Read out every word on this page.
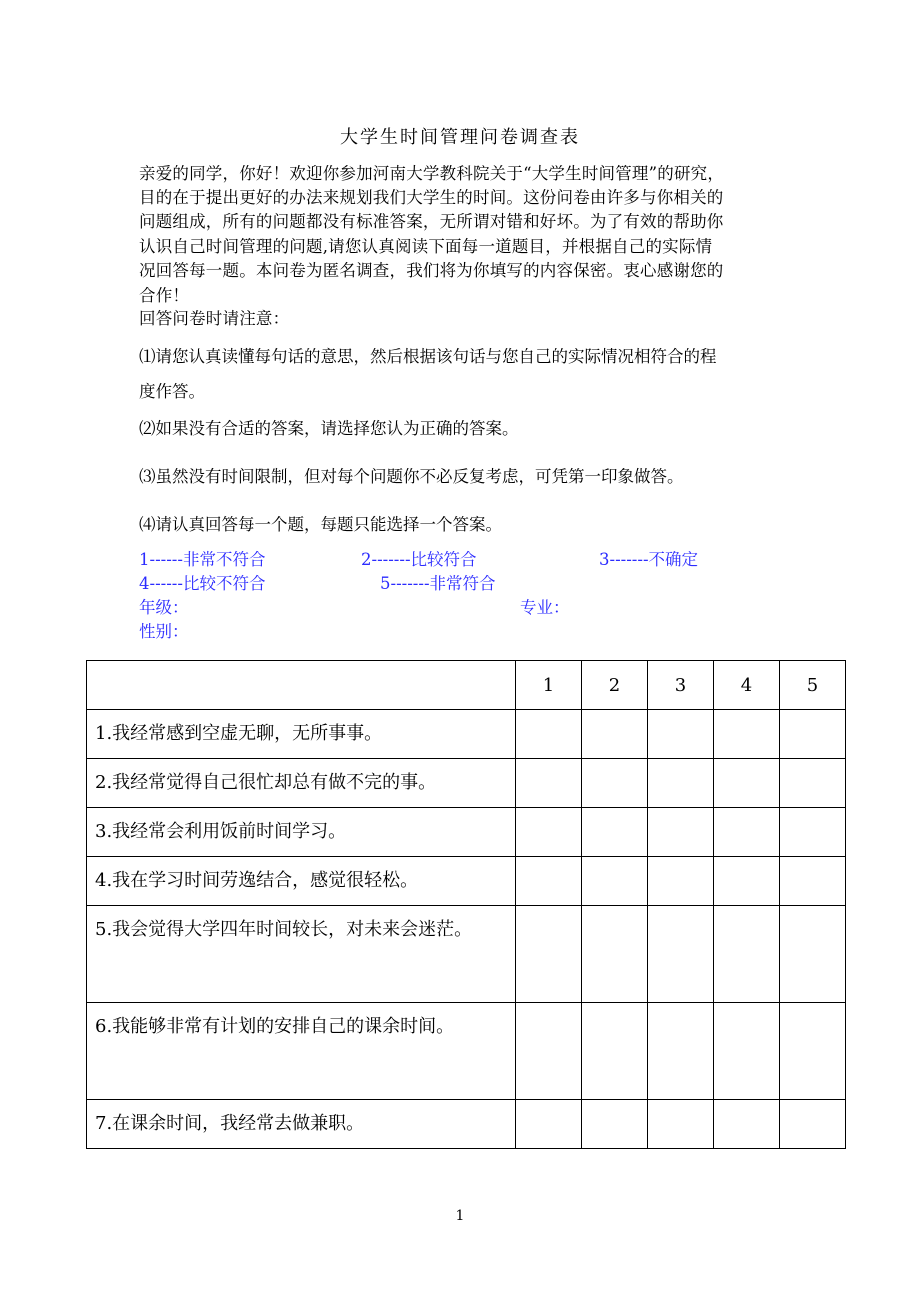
大学生时间管理问卷调查表
亲爱的同学，你好！欢迎你参加河南大学教科院关于“大学生时间管理”的研究，
目的在于提出更好的办法来规划我们大学生的时间。这份问卷由许多与你相关的
问题组成，所有的问题都没有标准答案，无所谓对错和好坏。为了有效的帮助你
认识自己时间管理的问题,请您认真阅读下面每一道题目，并根据自己的实际情
况回答每一题。本问卷为匿名调查，我们将为你填写的内容保密。衷心感谢您的
合作！
回答问卷时请注意：
⑴请您认真读懂每句话的意思，然后根据该句话与您自己的实际情况相符合的程
度作答。
⑵如果没有合适的答案，请选择您认为正确的答案。
⑶虽然没有时间限制，但对每个问题你不必反复考虑，可凭第一印象做答。
⑷请认真回答每一个题，每题只能选择一个答案。
1------非常不符合	2-------比较符合	3-------不确定
4------比较不符合	5-------非常符合
年级：	专业：
性别：
	1	2	3	4	5
1.我经常感到空虚无聊，无所事事。					
2.我经常觉得自己很忙却总有做不完的事。					
3.我经常会利用饭前时间学习。					
4.我在学习时间劳逸结合，感觉很轻松。					
5.我会觉得大学四年时间较长，对未来会迷茫。					
6.我能够非常有计划的安排自己的课余时间。					
7.在课余时间，我经常去做兼职。					
1
